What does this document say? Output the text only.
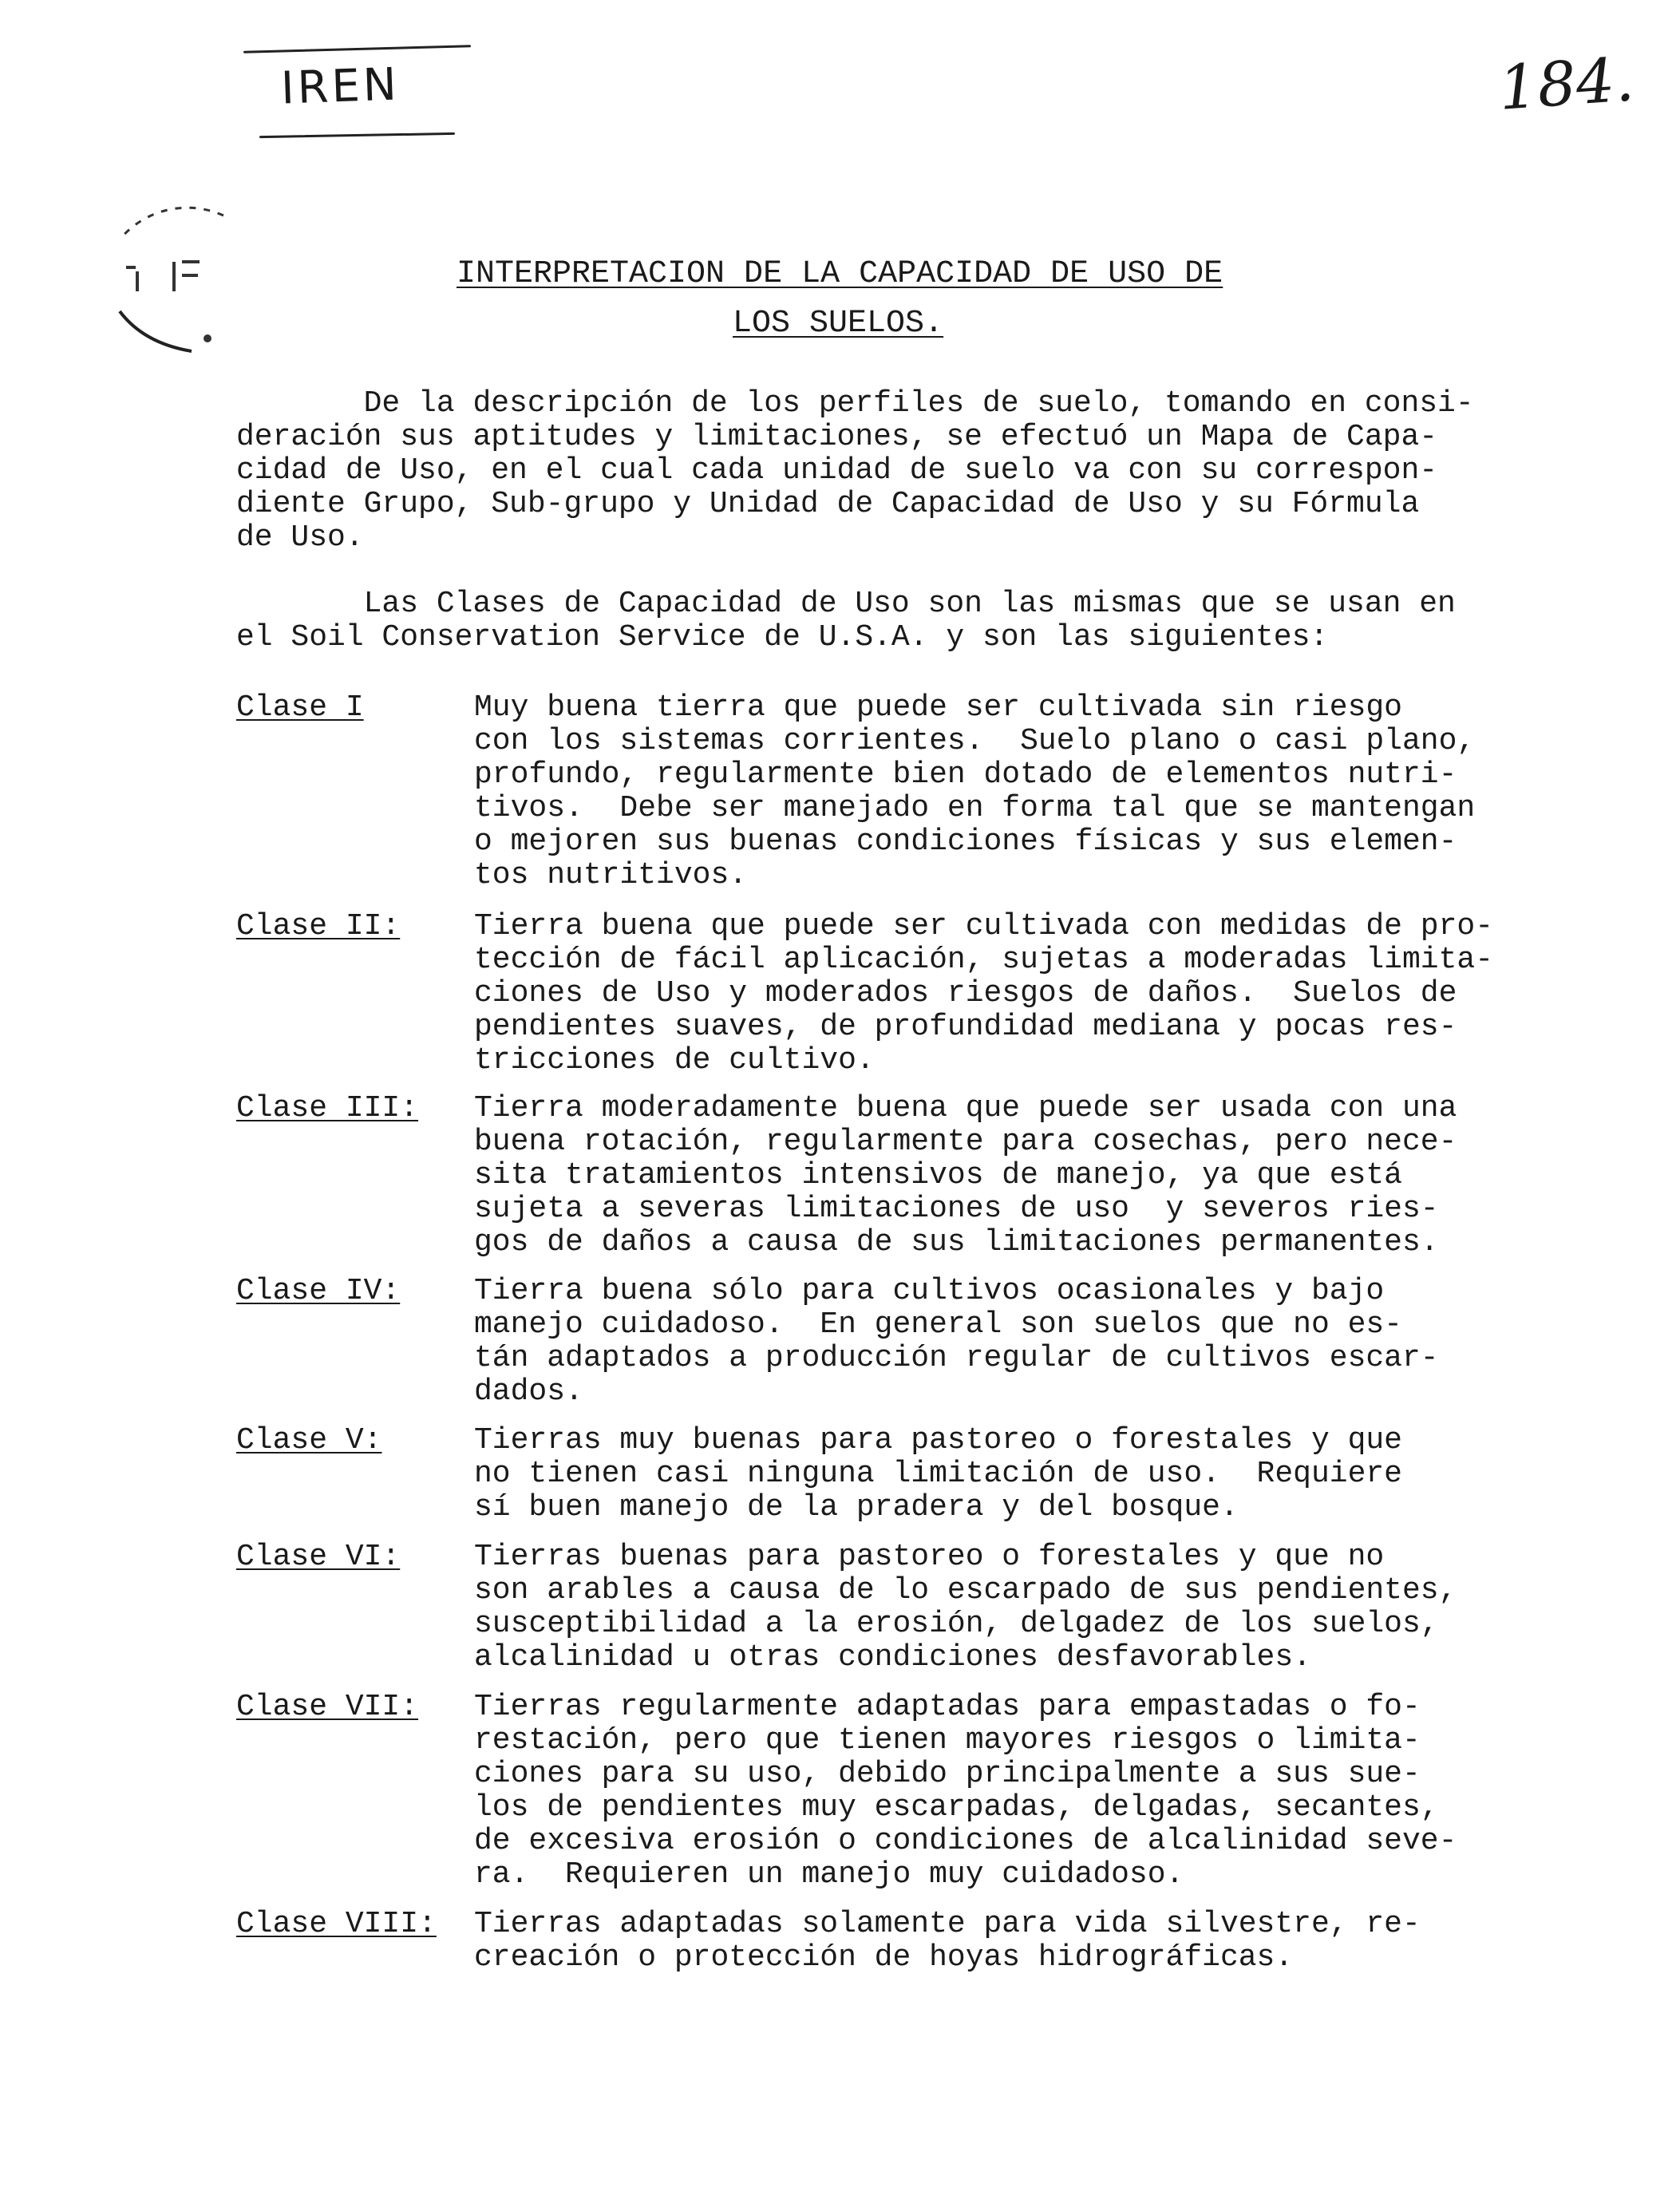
IREN	184.
INTERPRETACION DE LA CAPACIDAD DE USO DE
LOS SUELOS.
De la descripción de los perfiles de suelo, tomando en consi-
deración sus aptitudes y limitaciones, se efectuó un Mapa de Capa-
cidad de Uso, en el cual cada unidad de suelo va con su correspon-
diente Grupo, Sub-grupo y Unidad de Capacidad de Uso y su Fórmula
de Uso.
Las Clases de Capacidad de Uso son las mismas que se usan en
el Soil Conservation Service de U.S.A. y son las siguientes:
Clase I	Muy buena tierra que puede ser cultivada sin riesgo
con los sistemas corrientes.  Suelo plano o casi plano,
profundo, regularmente bien dotado de elementos nutri-
tivos.  Debe ser manejado en forma tal que se mantengan
o mejoren sus buenas condiciones físicas y sus elemen-
tos nutritivos.
Clase II:	Tierra buena que puede ser cultivada con medidas de pro-
tección de fácil aplicación, sujetas a moderadas limita-
ciones de Uso y moderados riesgos de daños.  Suelos de
pendientes suaves, de profundidad mediana y pocas res-
tricciones de cultivo.
Clase III:	Tierra moderadamente buena que puede ser usada con una
buena rotación, regularmente para cosechas, pero nece-
sita tratamientos intensivos de manejo, ya que está
sujeta a severas limitaciones de uso  y severos ries-
gos de daños a causa de sus limitaciones permanentes.
Clase IV:	Tierra buena sólo para cultivos ocasionales y bajo
manejo cuidadoso.  En general son suelos que no es-
tán adaptados a producción regular de cultivos escar-
dados.
Clase V:	Tierras muy buenas para pastoreo o forestales y que
no tienen casi ninguna limitación de uso.  Requiere
sí buen manejo de la pradera y del bosque.
Clase VI:	Tierras buenas para pastoreo o forestales y que no
son arables a causa de lo escarpado de sus pendientes,
susceptibilidad a la erosión, delgadez de los suelos,
alcalinidad u otras condiciones desfavorables.
Clase VII:	Tierras regularmente adaptadas para empastadas o fo-
restación, pero que tienen mayores riesgos o limita-
ciones para su uso, debido principalmente a sus sue-
los de pendientes muy escarpadas, delgadas, secantes,
de excesiva erosión o condiciones de alcalinidad seve-
ra.  Requieren un manejo muy cuidadoso.
Clase VIII:	Tierras adaptadas solamente para vida silvestre, re-
creación o protección de hoyas hidrográficas.
